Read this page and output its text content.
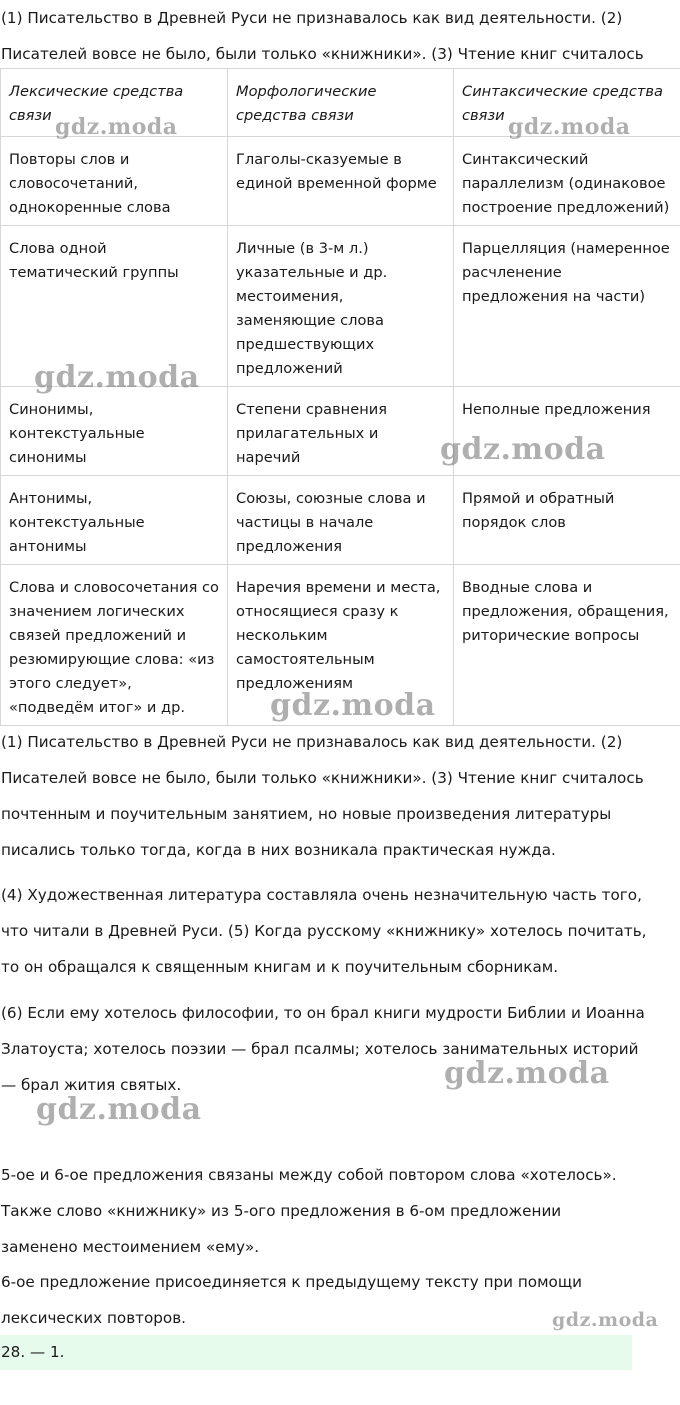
(1) Писательство в Древней Руси не признавалось как вид деятельности. (2)
Писателей вовсе не было, были только «книжники». (3) Чтение книг считалось

Лексические средства связи	Морфологические средства связи	Синтаксические средства связи
Повторы слов и словосочетаний, однокоренные слова	Глаголы-сказуемые в единой временной форме	Синтаксический параллелизм (одинаковое построение предложений)
Слова одной тематический группы	Личные (в 3-м л.) указательные и др. местоимения, заменяющие слова предшествующих предложений	Парцелляция (намеренное расчленение предложения на части)
Синонимы, контекстуальные синонимы	Степени сравнения прилагательных и наречий	Неполные предложения
Антонимы, контекстуальные антонимы	Союзы, союзные слова и частицы в начале предложения	Прямой и обратный порядок слов
Слова и словосочетания со значением логических связей предложений и резюмирующие слова: «из этого следует», «подведём итог» и др.	Наречия времени и места, относящиеся сразу к нескольким самостоятельным предложениям	Вводные слова и предложения, обращения, риторические вопросы

(1) Писательство в Древней Руси не признавалось как вид деятельности. (2)
Писателей вовсе не было, были только «книжники». (3) Чтение книг считалось
почтенным и поучительным занятием, но новые произведения литературы
писались только тогда, когда в них возникала практическая нужда.

(4) Художественная литература составляла очень незначительную часть того,
что читали в Древней Руси. (5) Когда русскому «книжнику» хотелось почитать,
то он обращался к священным книгам и к поучительным сборникам.

(6) Если ему хотелось философии, то он брал книги мудрости Библии и Иоанна
Златоуста; хотелось поэзии — брал псалмы; хотелось занимательных историй
— брал жития святых.

5-ое и 6-ое предложения связаны между собой повтором слова «хотелось».
Также слово «книжнику» из 5-ого предложения в 6-ом предложении
заменено местоимением «ему».

6-ое предложение присоединяется к предыдущему тексту при помощи
лексических повторов.

28. — 1.
gdz.moda	gdz.moda
gdz.moda
gdz.moda
gdz.moda
gdz.moda
gdz.moda
gdz.moda
